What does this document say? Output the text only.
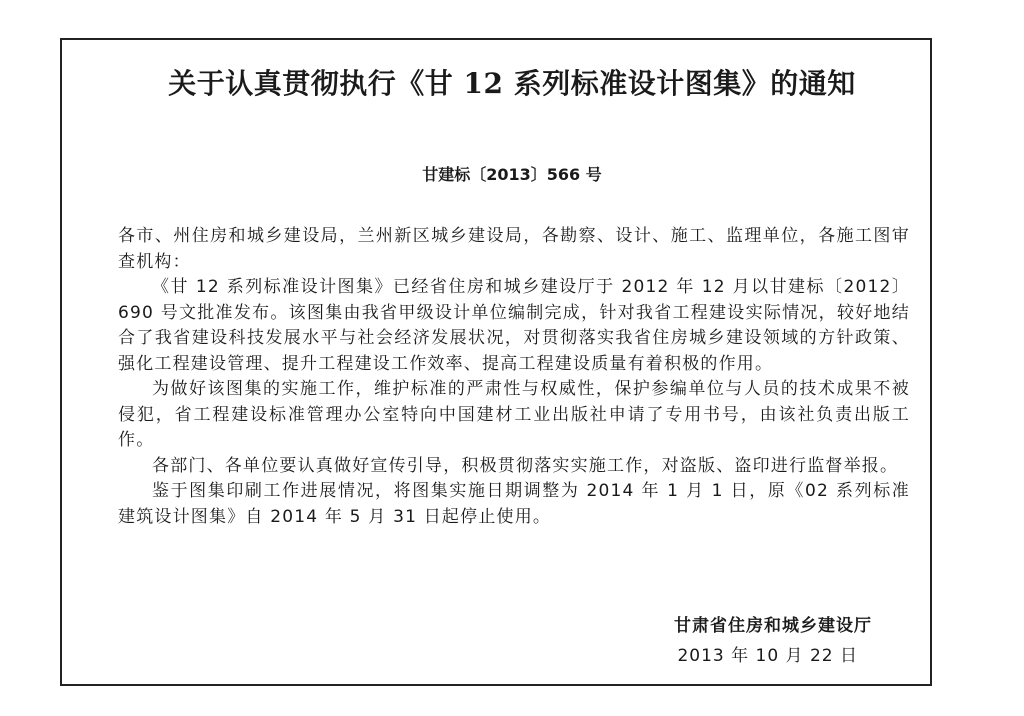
关于认真贯彻执行《甘 12 系列标准设计图集》的通知
甘建标〔2013〕566 号

各市、州住房和城乡建设局，兰州新区城乡建设局，各勘察、设计、施工、监理单位，各施工图审查机构：

《甘 12 系列标准设计图集》已经省住房和城乡建设厅于 2012 年 12 月以甘建标〔2012〕690 号文批准发布。该图集由我省甲级设计单位编制完成，针对我省工程建设实际情况，较好地结合了我省建设科技发展水平与社会经济发展状况，对贯彻落实我省住房城乡建设领域的方针政策、强化工程建设管理、提升工程建设工作效率、提高工程建设质量有着积极的作用。

为做好该图集的实施工作，维护标准的严肃性与权威性，保护参编单位与人员的技术成果不被侵犯，省工程建设标准管理办公室特向中国建材工业出版社申请了专用书号，由该社负责出版工作。

各部门、各单位要认真做好宣传引导，积极贯彻落实实施工作，对盗版、盗印进行监督举报。

鉴于图集印刷工作进展情况，将图集实施日期调整为 2014 年 1 月 1 日，原《02 系列标准建筑设计图集》自 2014 年 5 月 31 日起停止使用。

甘肃省住房和城乡建设厅
2013 年 10 月 22 日
